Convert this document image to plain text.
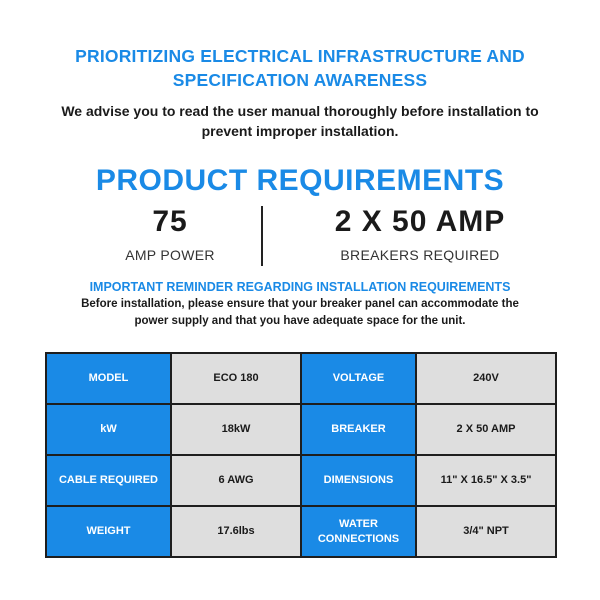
PRIORITIZING ELECTRICAL INFRASTRUCTURE AND
SPECIFICATION AWARENESS
We advise you to read the user manual thoroughly before installation to
prevent improper installation.
PRODUCT REQUIREMENTS
75
AMP POWER
2 X 50 AMP
BREAKERS REQUIRED
IMPORTANT REMINDER REGARDING INSTALLATION REQUIREMENTS
Before installation, please ensure that your breaker panel can accommodate the
power supply and that you have adequate space for the unit.
MODEL	ECO 180	VOLTAGE	240V
kW	18kW	BREAKER	2 X 50 AMP
CABLE REQUIRED	6 AWG	DIMENSIONS	11" X 16.5" X 3.5"
WEIGHT	17.6lbs	WATER
CONNECTIONS	3/4" NPT
